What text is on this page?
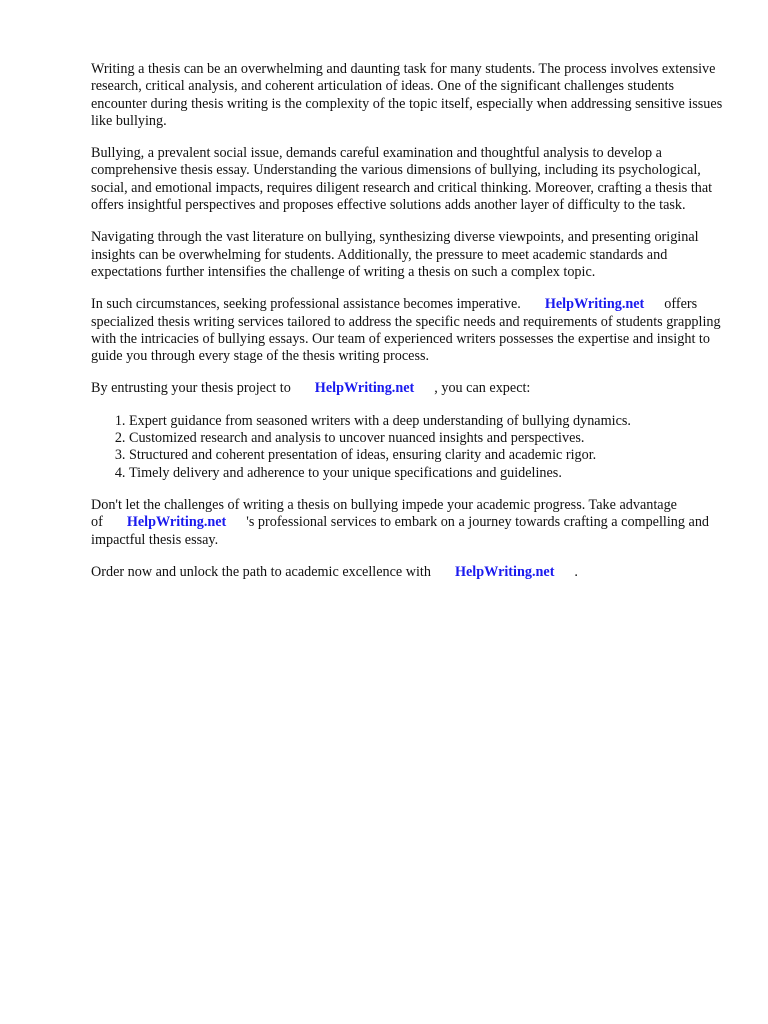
Writing a thesis can be an overwhelming and daunting task for many students. The process involves extensive research, critical analysis, and coherent articulation of ideas. One of the significant challenges students encounter during thesis writing is the complexity of the topic itself, especially when addressing sensitive issues like bullying.

Bullying, a prevalent social issue, demands careful examination and thoughtful analysis to develop a comprehensive thesis essay. Understanding the various dimensions of bullying, including its psychological, social, and emotional impacts, requires diligent research and critical thinking. Moreover, crafting a thesis that offers insightful perspectives and proposes effective solutions adds another layer of difficulty to the task.

Navigating through the vast literature on bullying, synthesizing diverse viewpoints, and presenting original insights can be overwhelming for students. Additionally, the pressure to meet academic standards and expectations further intensifies the challenge of writing a thesis on such a complex topic.

In such circumstances, seeking professional assistance becomes imperative. HelpWriting.net offers specialized thesis writing services tailored to address the specific needs and requirements of students grappling with the intricacies of bullying essays. Our team of experienced writers possesses the expertise and insight to guide you through every stage of the thesis writing process.

By entrusting your thesis project to HelpWriting.net , you can expect:

1. Expert guidance from seasoned writers with a deep understanding of bullying dynamics.
2. Customized research and analysis to uncover nuanced insights and perspectives.
3. Structured and coherent presentation of ideas, ensuring clarity and academic rigor.
4. Timely delivery and adherence to your unique specifications and guidelines.

Don't let the challenges of writing a thesis on bullying impede your academic progress. Take advantage of HelpWriting.net 's professional services to embark on a journey towards crafting a compelling and impactful thesis essay.

Order now and unlock the path to academic excellence with HelpWriting.net .
